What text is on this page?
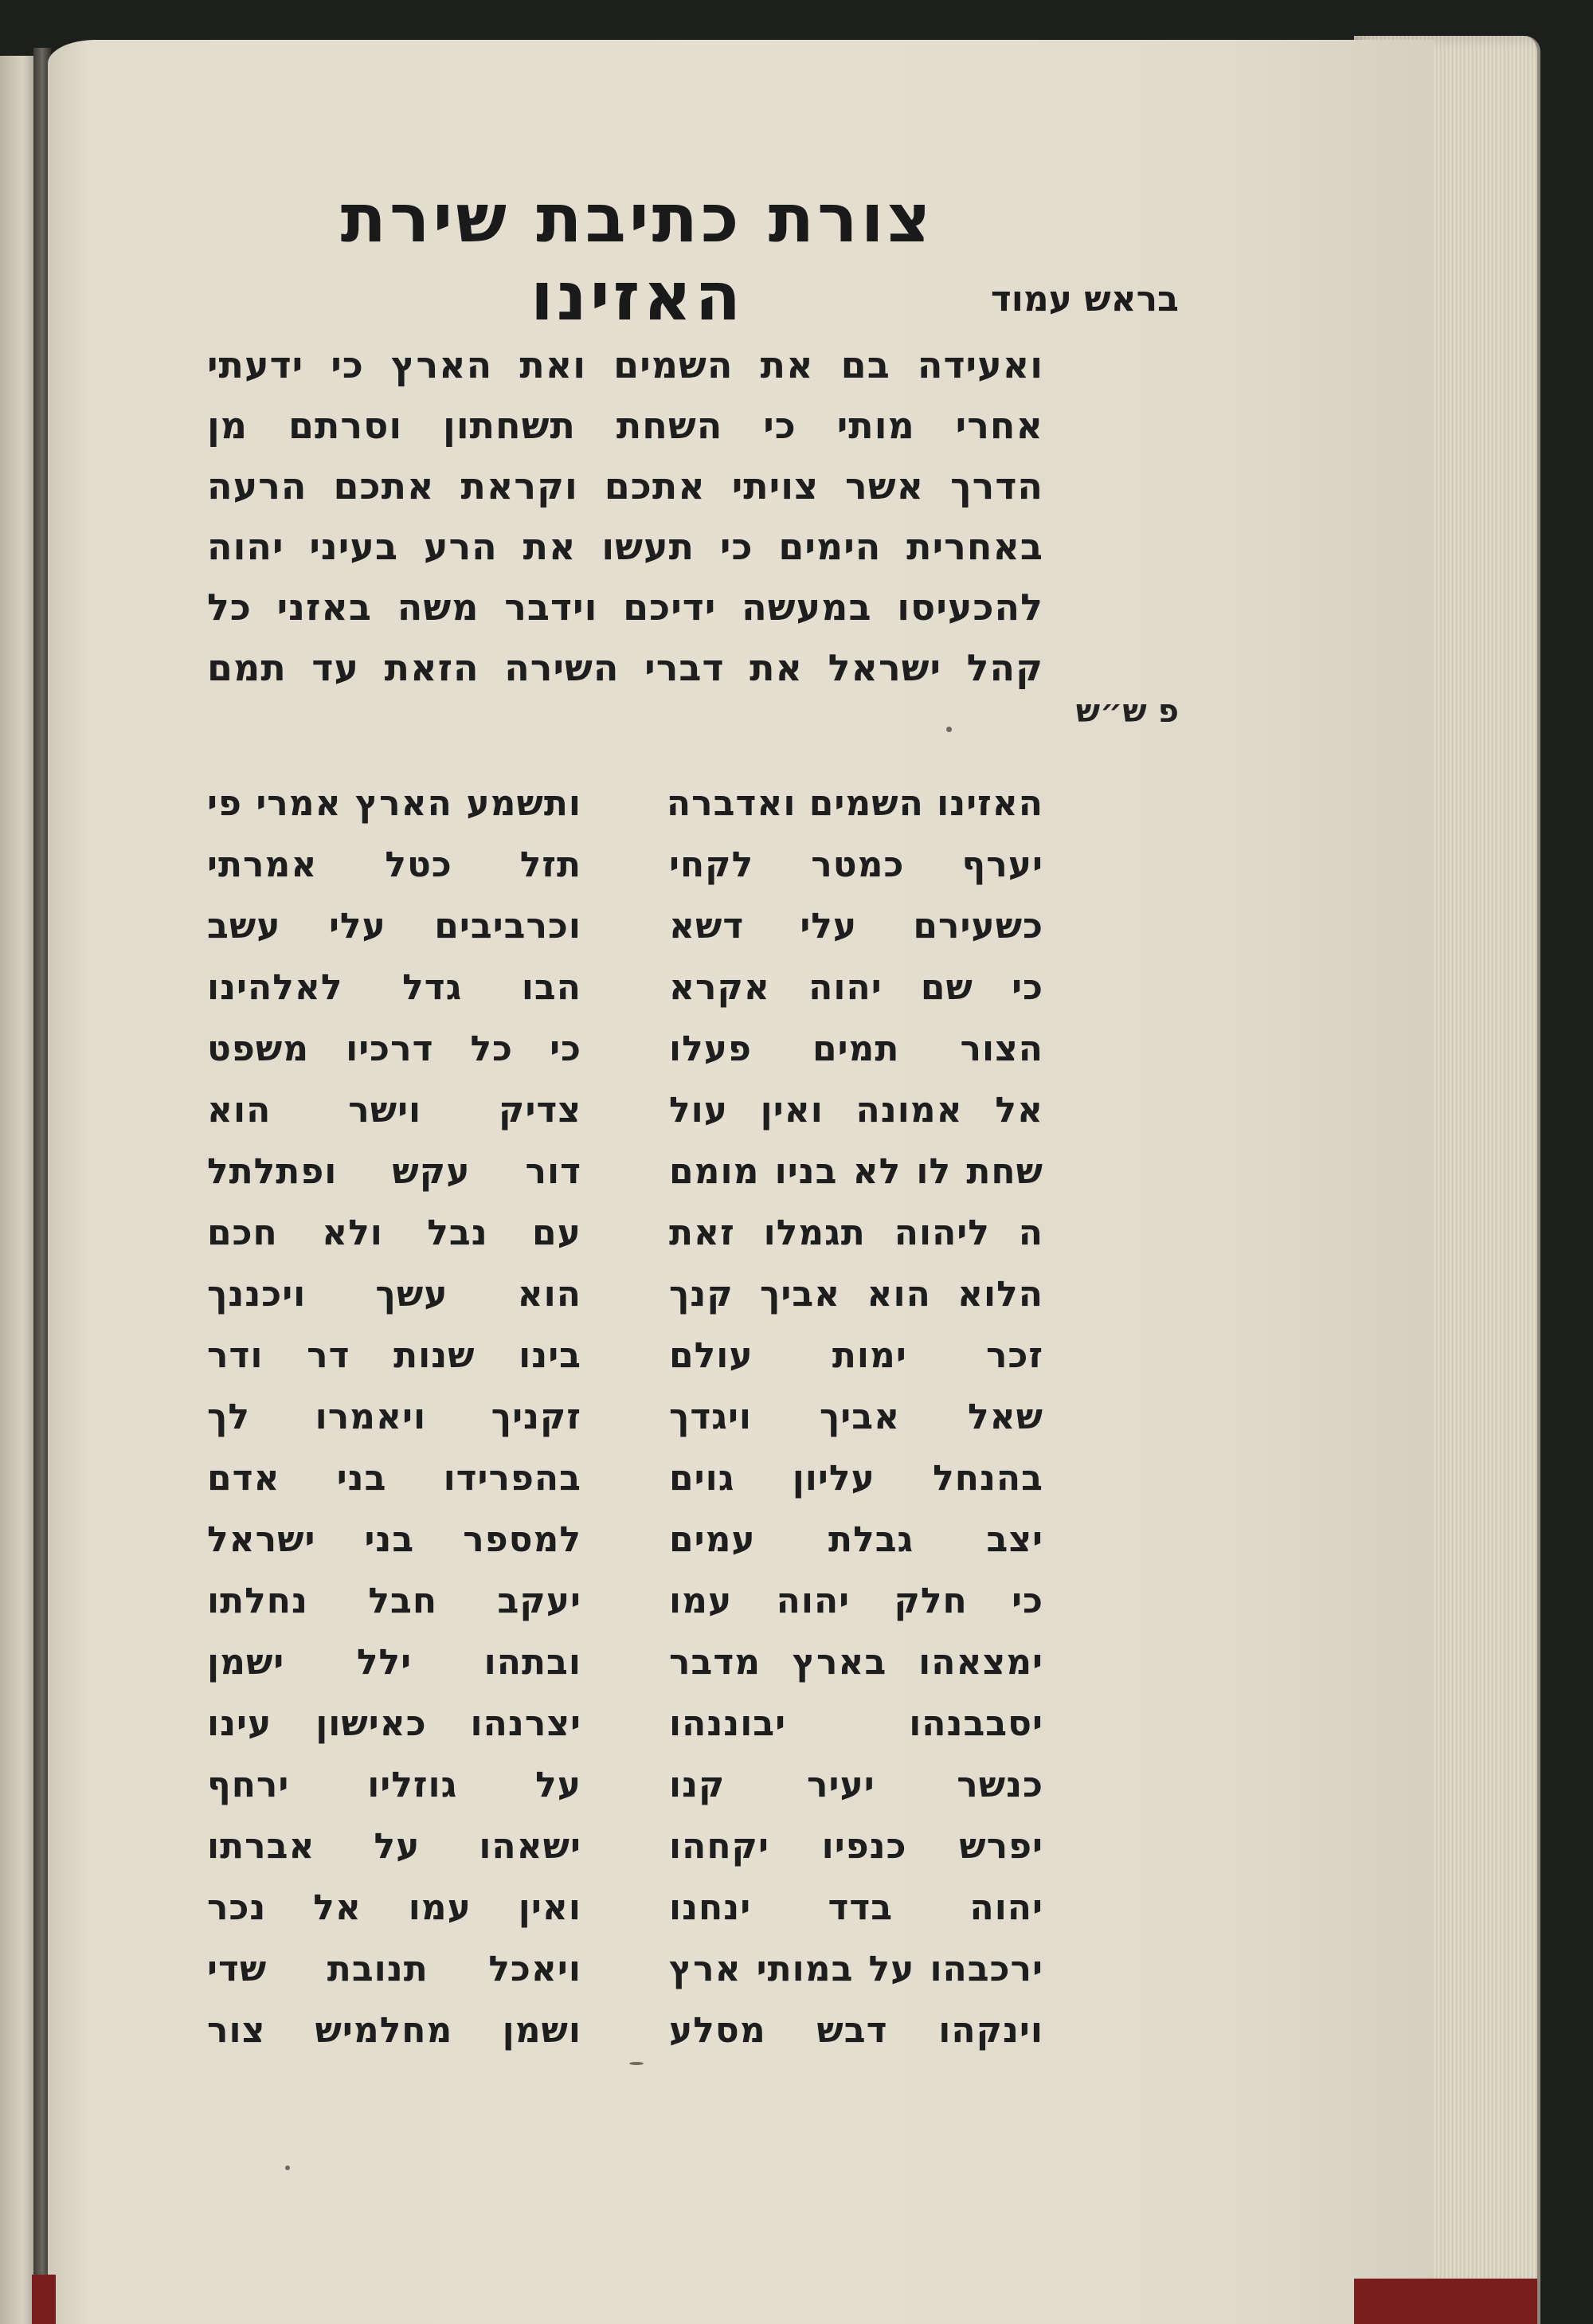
צורת כתיבת שירת האזינו	בראש עמוד
ואעידה בם את השמים ואת הארץ כי ידעתי
אחרי מותי כי השחת תשחתון וסרתם מן
הדרך אשר צויתי אתכם וקראת אתכם הרעה
באחרית הימים כי תעשו את הרע בעיני יהוה
להכעיסו במעשה ידיכם וידבר משה באזני כל
קהל ישראל את דברי השירה הזאת עד תמם
פ ש״ש
האזינו השמים ואדברה
ותשמע הארץ אמרי פי
יערף כמטר לקחי
תזל כטל אמרתי
כשעירם עלי דשא
וכרביבים עלי עשב
כי שם יהוה אקרא
הבו גדל לאלהינו
הצור תמים פעלו
כי כל דרכיו משפט
אל אמונה ואין עול
צדיק וישר הוא
שחת לו לא בניו מומם
דור עקש ופתלתל
ה ליהוה תגמלו זאת
עם נבל ולא חכם
הלוא הוא אביך קנך
הוא עשך ויכננך
זכר ימות עולם
בינו שנות דר ודר
שאל אביך ויגדך
זקניך ויאמרו לך
בהנחל עליון גוים
בהפרידו בני אדם
יצב גבלת עמים
למספר בני ישראל
כי חלק יהוה עמו
יעקב חבל נחלתו
ימצאהו בארץ מדבר
ובתהו ילל ישמן
יסבבנהו יבוננהו
יצרנהו כאישון עינו
כנשר יעיר קנו
על גוזליו ירחף
יפרש כנפיו יקחהו
ישאהו על אברתו
יהוה בדד ינחנו
ואין עמו אל נכר
ירכבהו על במותי ארץ
ויאכל תנובת שדי
וינקהו דבש מסלע
ושמן מחלמיש צור
